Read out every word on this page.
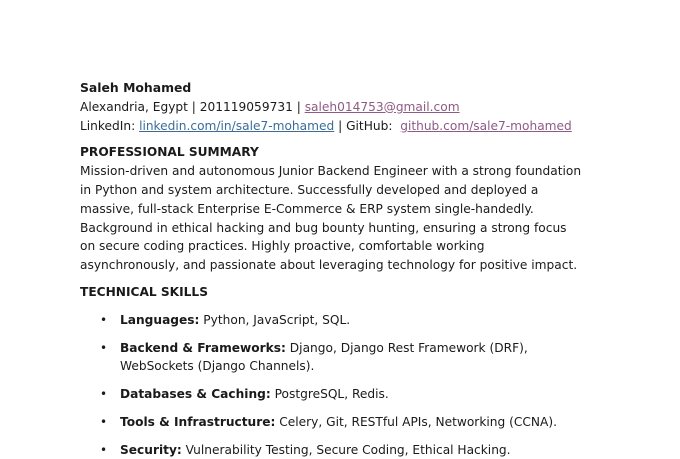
Saleh Mohamed

Alexandria, Egypt | 201119059731 | saleh014753@gmail.com

LinkedIn: linkedin.com/in/sale7-mohamed | GitHub:  github.com/sale7-mohamed

PROFESSIONAL SUMMARY

Mission-driven and autonomous Junior Backend Engineer with a strong foundation in Python and system architecture. Successfully developed and deployed a massive, full-stack Enterprise E-Commerce & ERP system single-handedly. Background in ethical hacking and bug bounty hunting, ensuring a strong focus on secure coding practices. Highly proactive, comfortable working asynchronously, and passionate about leveraging technology for positive impact.

TECHNICAL SKILLS

• Languages: Python, JavaScript, SQL.
• Backend & Frameworks: Django, Django Rest Framework (DRF), WebSockets (Django Channels).
• Databases & Caching: PostgreSQL, Redis.
• Tools & Infrastructure: Celery, Git, RESTful APIs, Networking (CCNA).
• Security: Vulnerability Testing, Secure Coding, Ethical Hacking.
